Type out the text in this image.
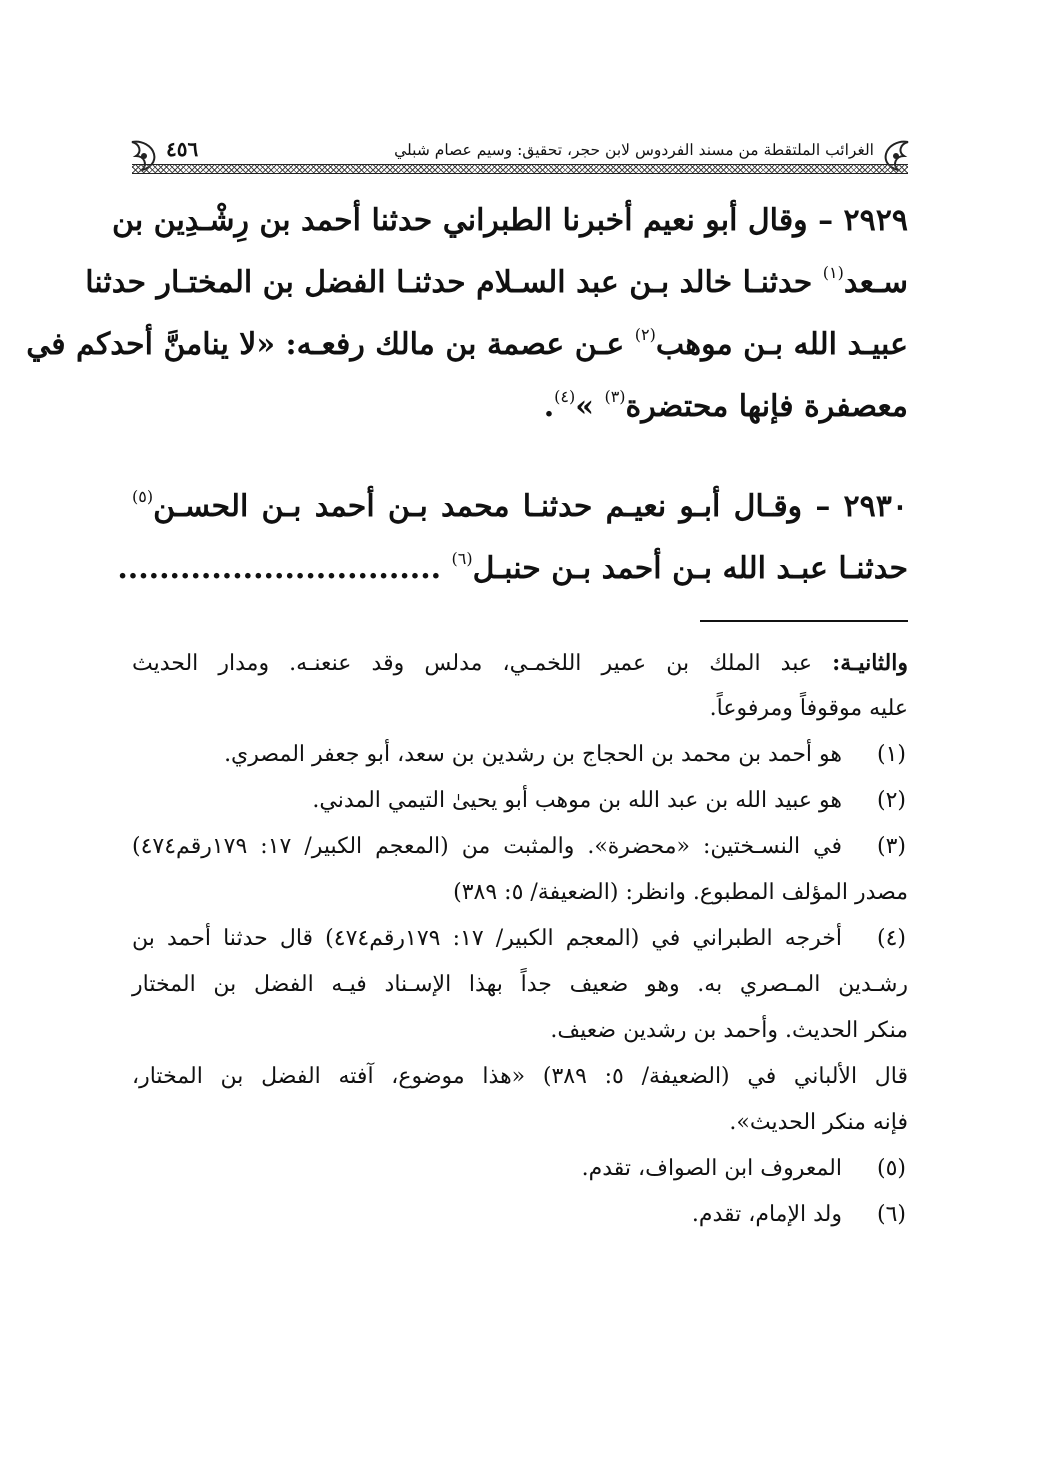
الغرائب الملتقطة من مسند الفردوس لابن حجر، تحقيق: وسيم عصام شبلي
٤٥٦
٢٩٢٩ – وقال أبو نعيم أخبرنا الطبراني حدثنا أحمد بن رِشْـدِين بن
سـعد$^{(١)}$ حدثنـا خالد بـن عبد السـلام حدثنـا الفضل بن المختـار حدثنا
عبيـد الله بـن موهب$^{(٢)}$ عـن عصمة بن مالك رفعـه: «لا ينامنَّ أحدكم في
معصفرة فإنها محتضرة$^{(٣)}$ »$^{(٤)}$.
٢٩٣٠ – وقـال أبـو نعيـم حدثنـا محمد بـن أحمد بـن الحسـن$^{(٥)}$
حدثنـا عبـد الله بـن أحمد بـن حنبـل$^{(٦)}$ ...............................
والثانيـة: عبد الملك بن عمير اللخمـي، مدلس وقد عنعنـه. ومدار الحديث
عليه موقوفاً ومرفوعاً.
(١)
هو أحمد بن محمد بن الحجاج بن رشدين بن سعد، أبو جعفر المصري.
(٢)
هو عبيد الله بن عبد الله بن موهب أبو يحيىٰ التيمي المدني.
(٣)
في النسـختين: «محضرة». والمثبت من (المعجم الكبير/ ١٧: ١٧٩رقم٤٧٤)
مصدر المؤلف المطبوع. وانظر: (الضعيفة/ ٥: ٣٨٩)
(٤)
أخرجه الطبراني في (المعجم الكبير/ ١٧: ١٧٩رقم٤٧٤) قال حدثنا أحمد بن
رشـدين المـصري به. وهو ضعيف جداً بهذا الإسـناد فيـه الفضل بن المختار
منكر الحديث. وأحمد بن رشدين ضعيف.
قال الألباني في (الضعيفة/ ٥: ٣٨٩) «هذا موضوع، آفته الفضل بن المختار،
فإنه منكر الحديث».
(٥)
المعروف ابن الصواف، تقدم.
(٦)
ولد الإمام، تقدم.
